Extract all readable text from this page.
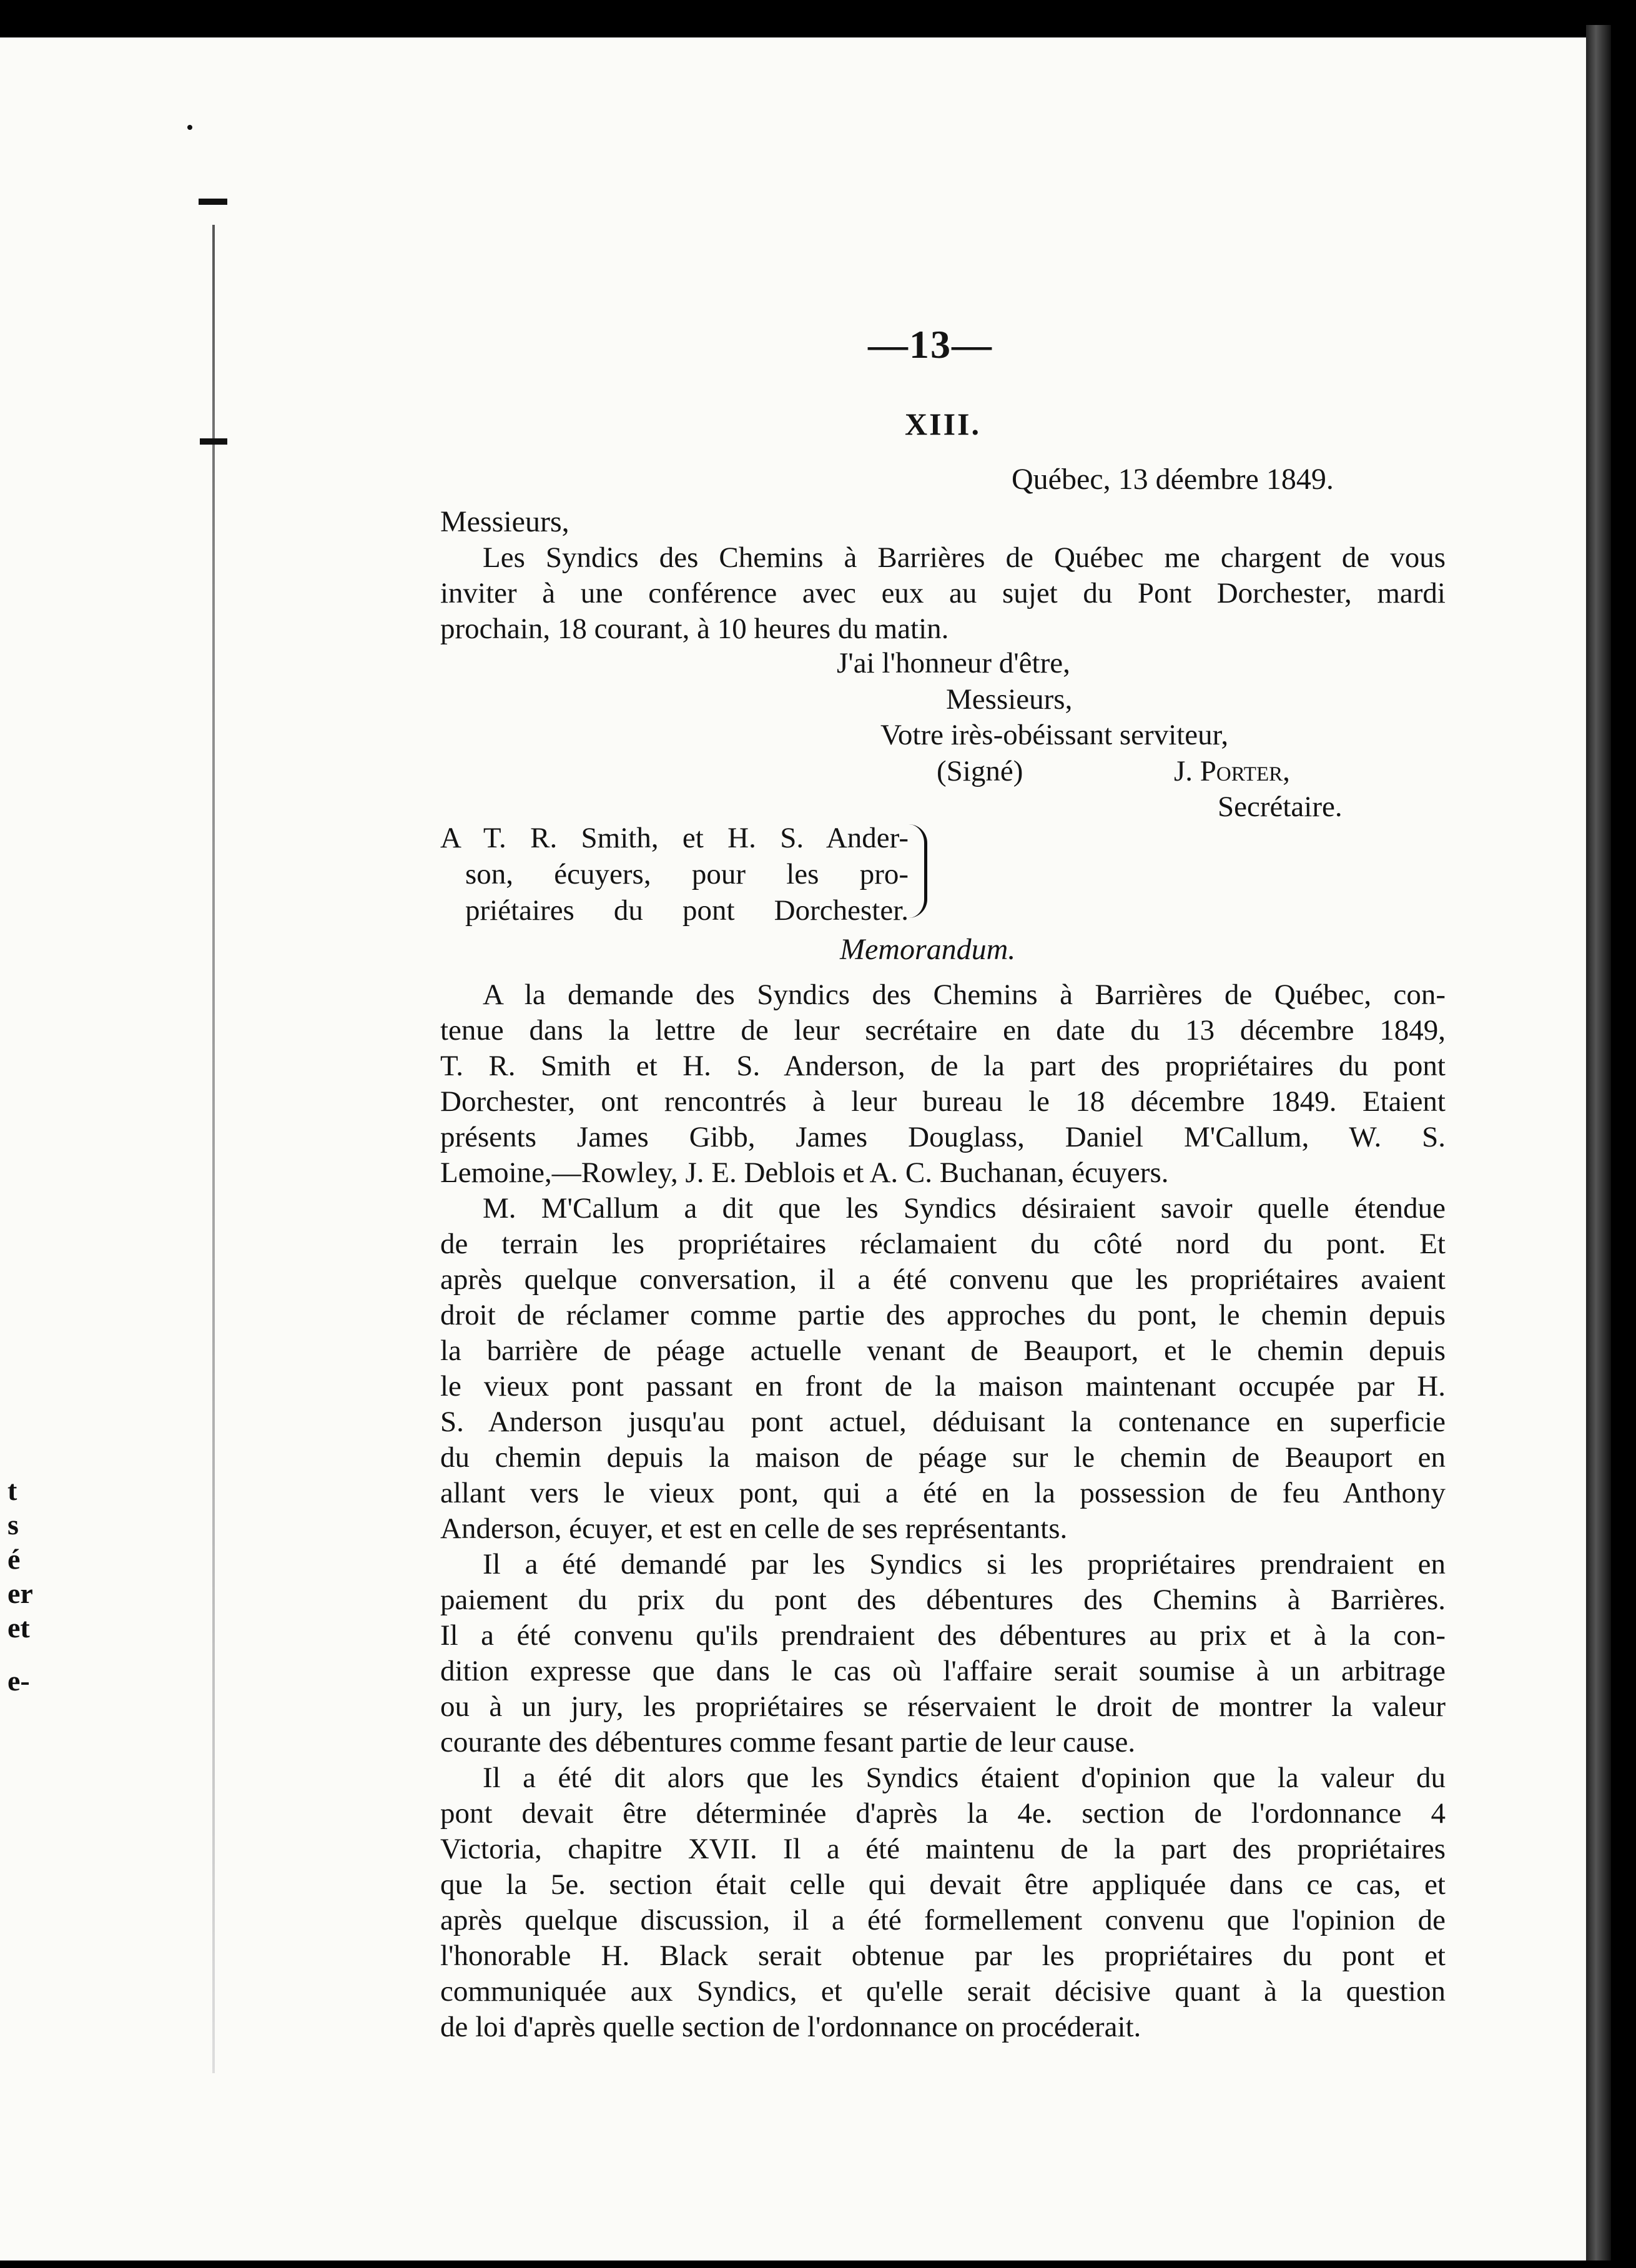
t
s
é
er
et
e-
—13—
XIII.
Québec, 13 déembre 1849.
Messieurs,
Les Syndics des Chemins à Barrières de Québec me chargent de vous
inviter à une conférence avec eux au sujet du Pont Dorchester, mardi
prochain, 18 courant, à 10 heures du matin.
J'ai l'honneur d'être,
Messieurs,
Votre irès-obéissant serviteur,
(Signé)	J. Porter,
Secrétaire.
A T. R. Smith, et H. S. Ander-
son, écuyers, pour les pro-
priétaires du pont Dorchester.
Memorandum.
A la demande des Syndics des Chemins à Barrières de Québec, con-
tenue dans la lettre de leur secrétaire en date du 13 décembre 1849,
T. R. Smith et H. S. Anderson, de la part des propriétaires du pont
Dorchester, ont rencontrés à leur bureau le 18 décembre 1849. Etaient
présents James Gibb, James Douglass, Daniel M'Callum, W. S.
Lemoine,—Rowley, J. E. Deblois et A. C. Buchanan, écuyers.
M. M'Callum a dit que les Syndics désiraient savoir quelle étendue
de terrain les propriétaires réclamaient du côté nord du pont. Et
après quelque conversation, il a été convenu que les propriétaires avaient
droit de réclamer comme partie des approches du pont, le chemin depuis
la barrière de péage actuelle venant de Beauport, et le chemin depuis
le vieux pont passant en front de la maison maintenant occupée par H.
S. Anderson jusqu'au pont actuel, déduisant la contenance en superficie
du chemin depuis la maison de péage sur le chemin de Beauport en
allant vers le vieux pont, qui a été en la possession de feu Anthony
Anderson, écuyer, et est en celle de ses représentants.
Il a été demandé par les Syndics si les propriétaires prendraient en
paiement du prix du pont des débentures des Chemins à Barrières.
Il a été convenu qu'ils prendraient des débentures au prix et à la con-
dition expresse que dans le cas où l'affaire serait soumise à un arbitrage
ou à un jury, les propriétaires se réservaient le droit de montrer la valeur
courante des débentures comme fesant partie de leur cause.
Il a été dit alors que les Syndics étaient d'opinion que la valeur du
pont devait être déterminée d'après la 4e. section de l'ordonnance 4
Victoria, chapitre XVII. Il a été maintenu de la part des propriétaires
que la 5e. section était celle qui devait être appliquée dans ce cas, et
après quelque discussion, il a été formellement convenu que l'opinion de
l'honorable H. Black serait obtenue par les propriétaires du pont et
communiquée aux Syndics, et qu'elle serait décisive quant à la question
de loi d'après quelle section de l'ordonnance on procéderait.
